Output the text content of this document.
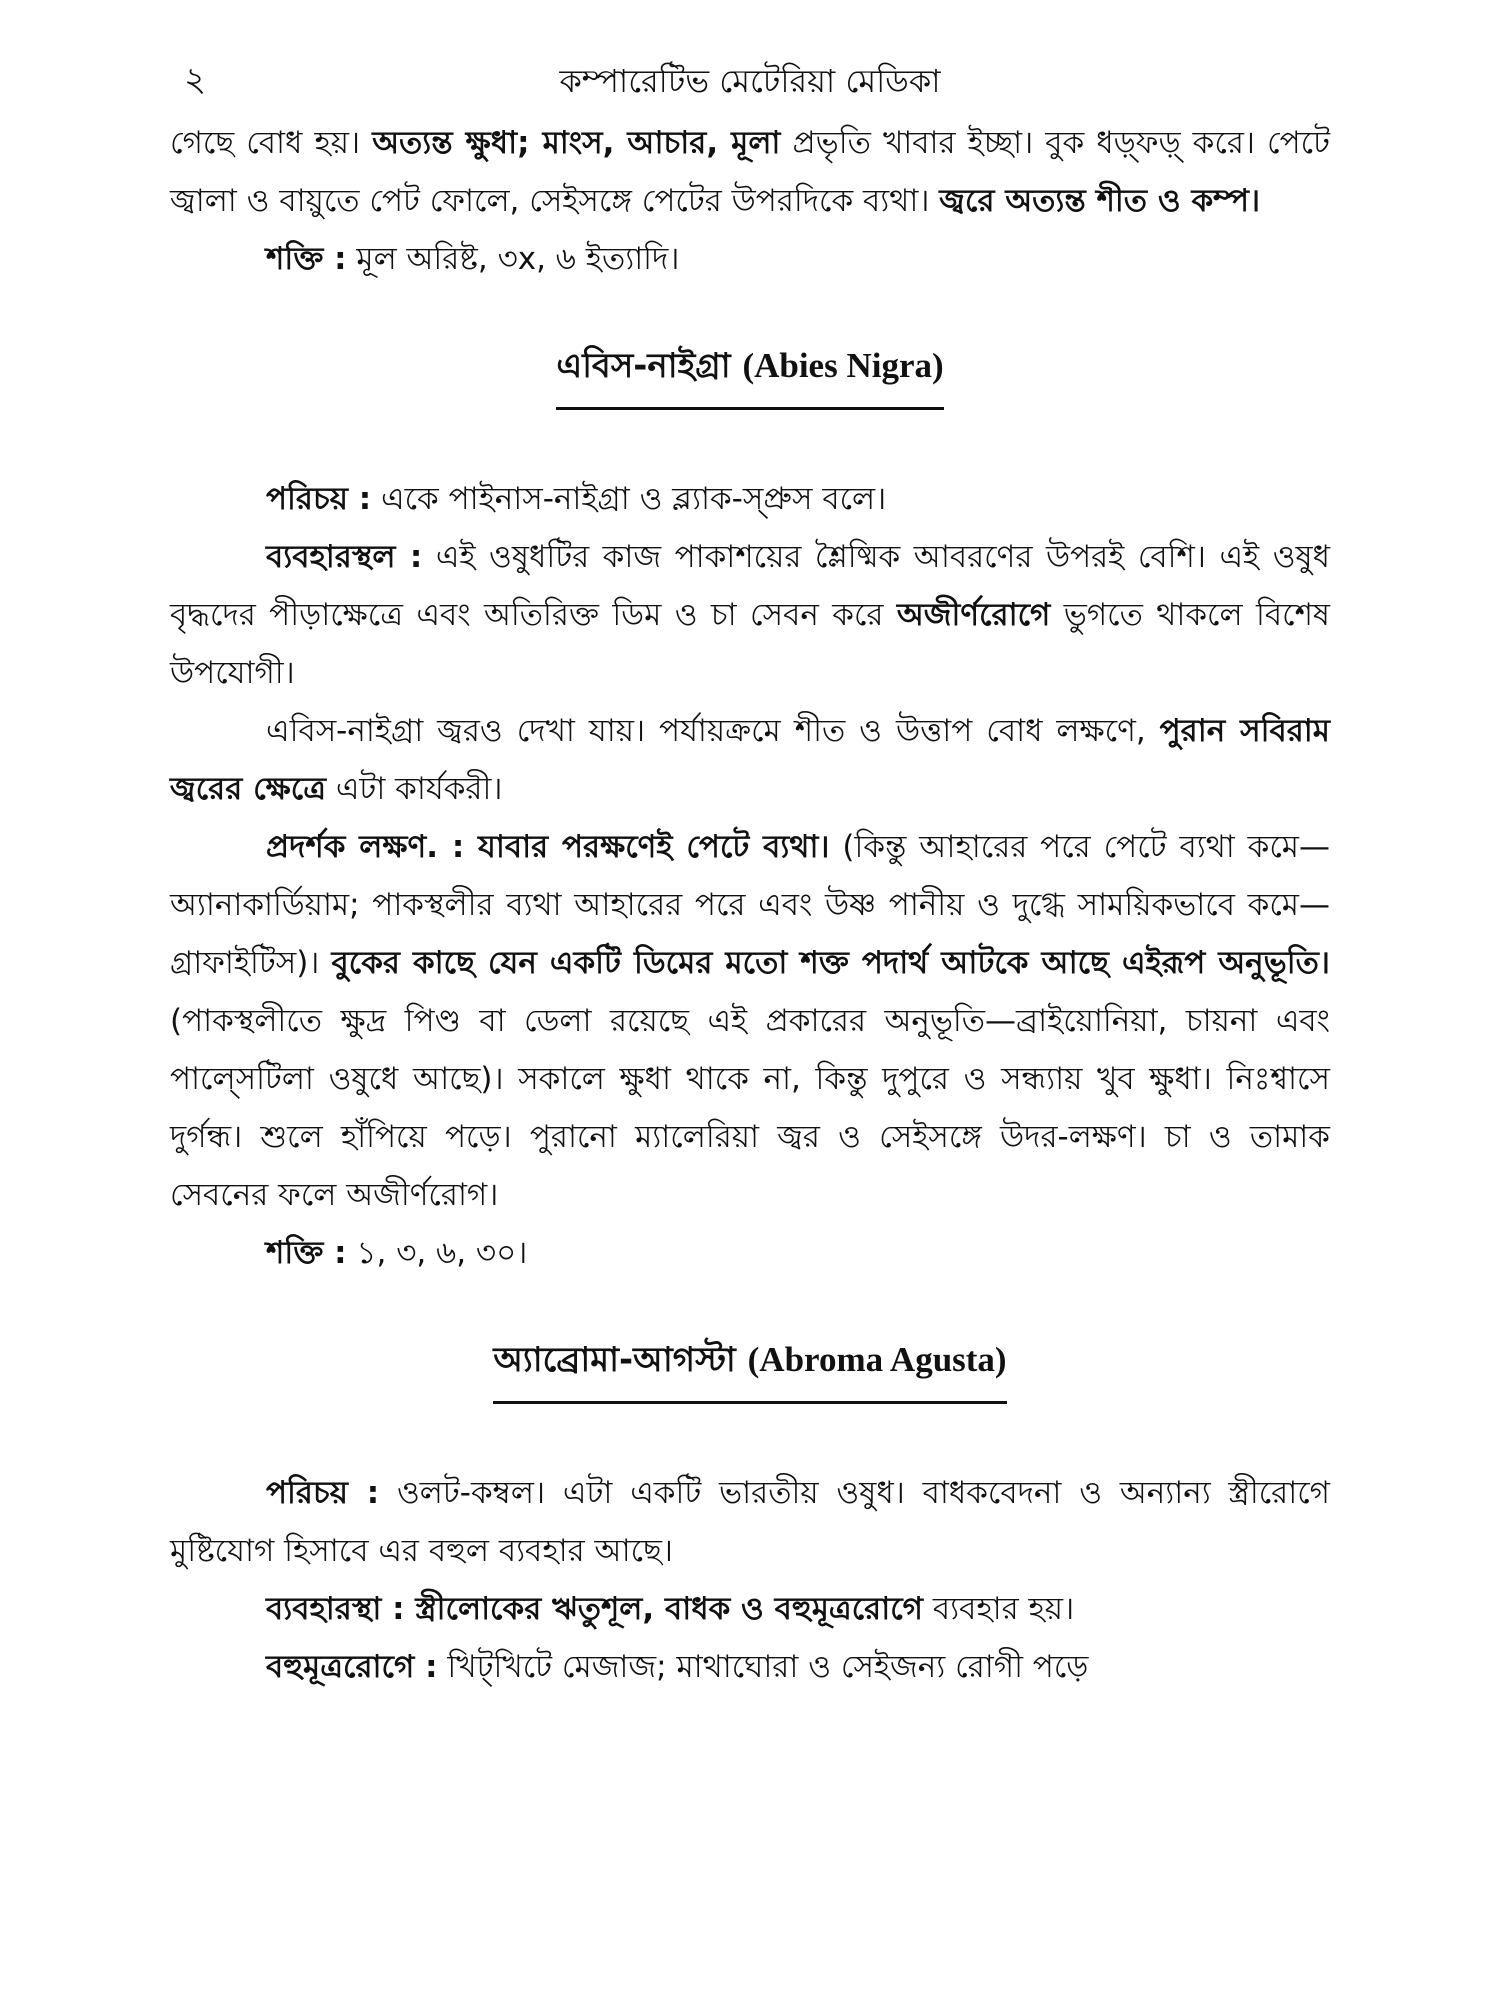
২	কম্পারেটিভ মেটেরিয়া মেডিকা

গেছে বোধ হয়। অত্যন্ত ক্ষুধা; মাংস, আচার, মূলা প্রভৃতি খাবার ইচ্ছা। বুক ধড়্‌ফড়্‌ করে। পেটে জ্বালা ও বায়ুতে পেট ফোলে, সেইসঙ্গে পেটের উপরদিকে ব্যথা। জ্বরে অত্যন্ত শীত ও কম্প।

শক্তি : মূল অরিষ্ট, ৩x, ৬ ইত্যাদি।

এবিস-নাইগ্রা (Abies Nigra)

পরিচয় : একে পাইনাস-নাইগ্রা ও ব্ল্যাক-স্প্রুস বলে।

ব্যবহারস্থল : এই ওষুধটির কাজ পাকাশয়ের শ্লৈষ্মিক আবরণের উপরই বেশি। এই ওষুধ বৃদ্ধদের পীড়াক্ষেত্রে এবং অতিরিক্ত ডিম ও চা সেবন করে অজীর্ণরোগে ভুগতে থাকলে বিশেষ উপযোগী।

এবিস-নাইগ্রা জ্বরও দেখা যায়। পর্যায়ক্রমে শীত ও উত্তাপ বোধ লক্ষণে, পুরান সবিরাম জ্বরের ক্ষেত্রে এটা কার্যকরী।

প্রদর্শক লক্ষণ. : যাবার পরক্ষণেই পেটে ব্যথা। (কিন্তু আহারের পরে পেটে ব্যথা কমে—অ্যানাকার্ডিয়াম; পাকস্থলীর ব্যথা আহারের পরে এবং উষ্ণ পানীয় ও দুগ্ধে সাময়িকভাবে কমে—গ্রাফাইটিস)। বুকের কাছে যেন একটি ডিমের মতো শক্ত পদার্থ আটকে আছে এইরূপ অনুভূতি। (পাকস্থলীতে ক্ষুদ্র পিণ্ড বা ডেলা রয়েছে এই প্রকারের অনুভূতি—ব্রাইয়োনিয়া, চায়না এবং পাল্সেটিলা ওষুধে আছে)। সকালে ক্ষুধা থাকে না, কিন্তু দুপুরে ও সন্ধ্যায় খুব ক্ষুধা। নিঃশ্বাসে দুর্গন্ধ। শুলে হাঁপিয়ে পড়ে। পুরানো ম্যালেরিয়া জ্বর ও সেইসঙ্গে উদর-লক্ষণ। চা ও তামাক সেবনের ফলে অজীর্ণরোগ।

শক্তি : ১, ৩, ৬, ৩০।

অ্যাব্রোমা-আগস্টা (Abroma Agusta)

পরিচয় : ওলট-কম্বল। এটা একটি ভারতীয় ওষুধ। বাধকবেদনা ও অন্যান্য স্ত্রীরোগে মুষ্টিযোগ হিসাবে এর বহুল ব্যবহার আছে।

ব্যবহারস্থা : স্ত্রীলোকের ঋতুশূল, বাধক ও বহুমূত্ররোগে ব্যবহার হয়।

বহুমূত্ররোগে : খিট্‌খিটে মেজাজ; মাথাঘোরা ও সেইজন্য রোগী পড়ে
